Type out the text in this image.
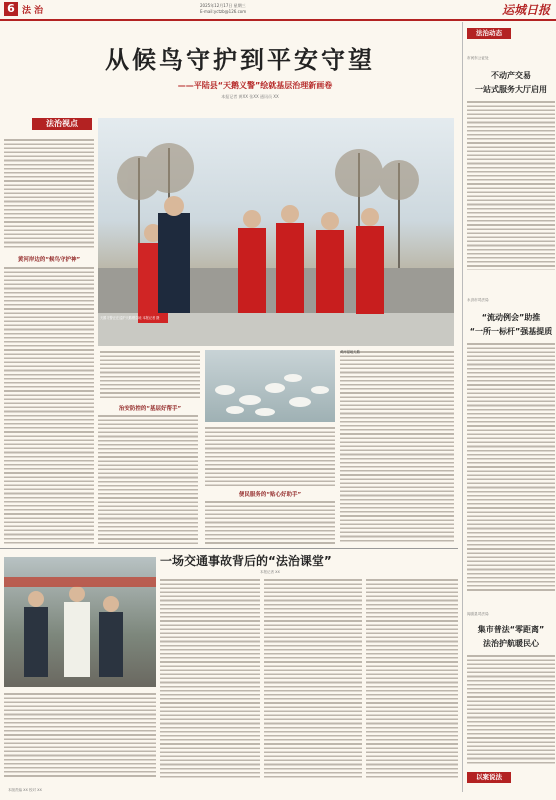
6 法 治
2025年12月17日 星期三
E-mail:yctzb@126.com	运城日报
从候鸟守护到平安守望
——平陆县“天鹅义警”绘就基层治理新画卷
本报记者 黄XX 张XX 通讯员 XX
法治视点
黄河岸边的“候鸟守护神”
天鹅义警正在巡护天鹅栖息地 本报记者 摄
治安防控的“基层好帮手”
便民服务的“贴心好助手”
黄河湿地天鹅
一场交通事故背后的“法治课堂”
本报记者 XX
法治动态
市河东公证处
不动产交易
一站式服务大厅启用
永济市司法局
“流动例会”助推
“一所一标杆”强基提质
闻喜县司法局
集市普法“零距离”
法治护航暖民心
以案说法
本版责编 XX 校对 XX
